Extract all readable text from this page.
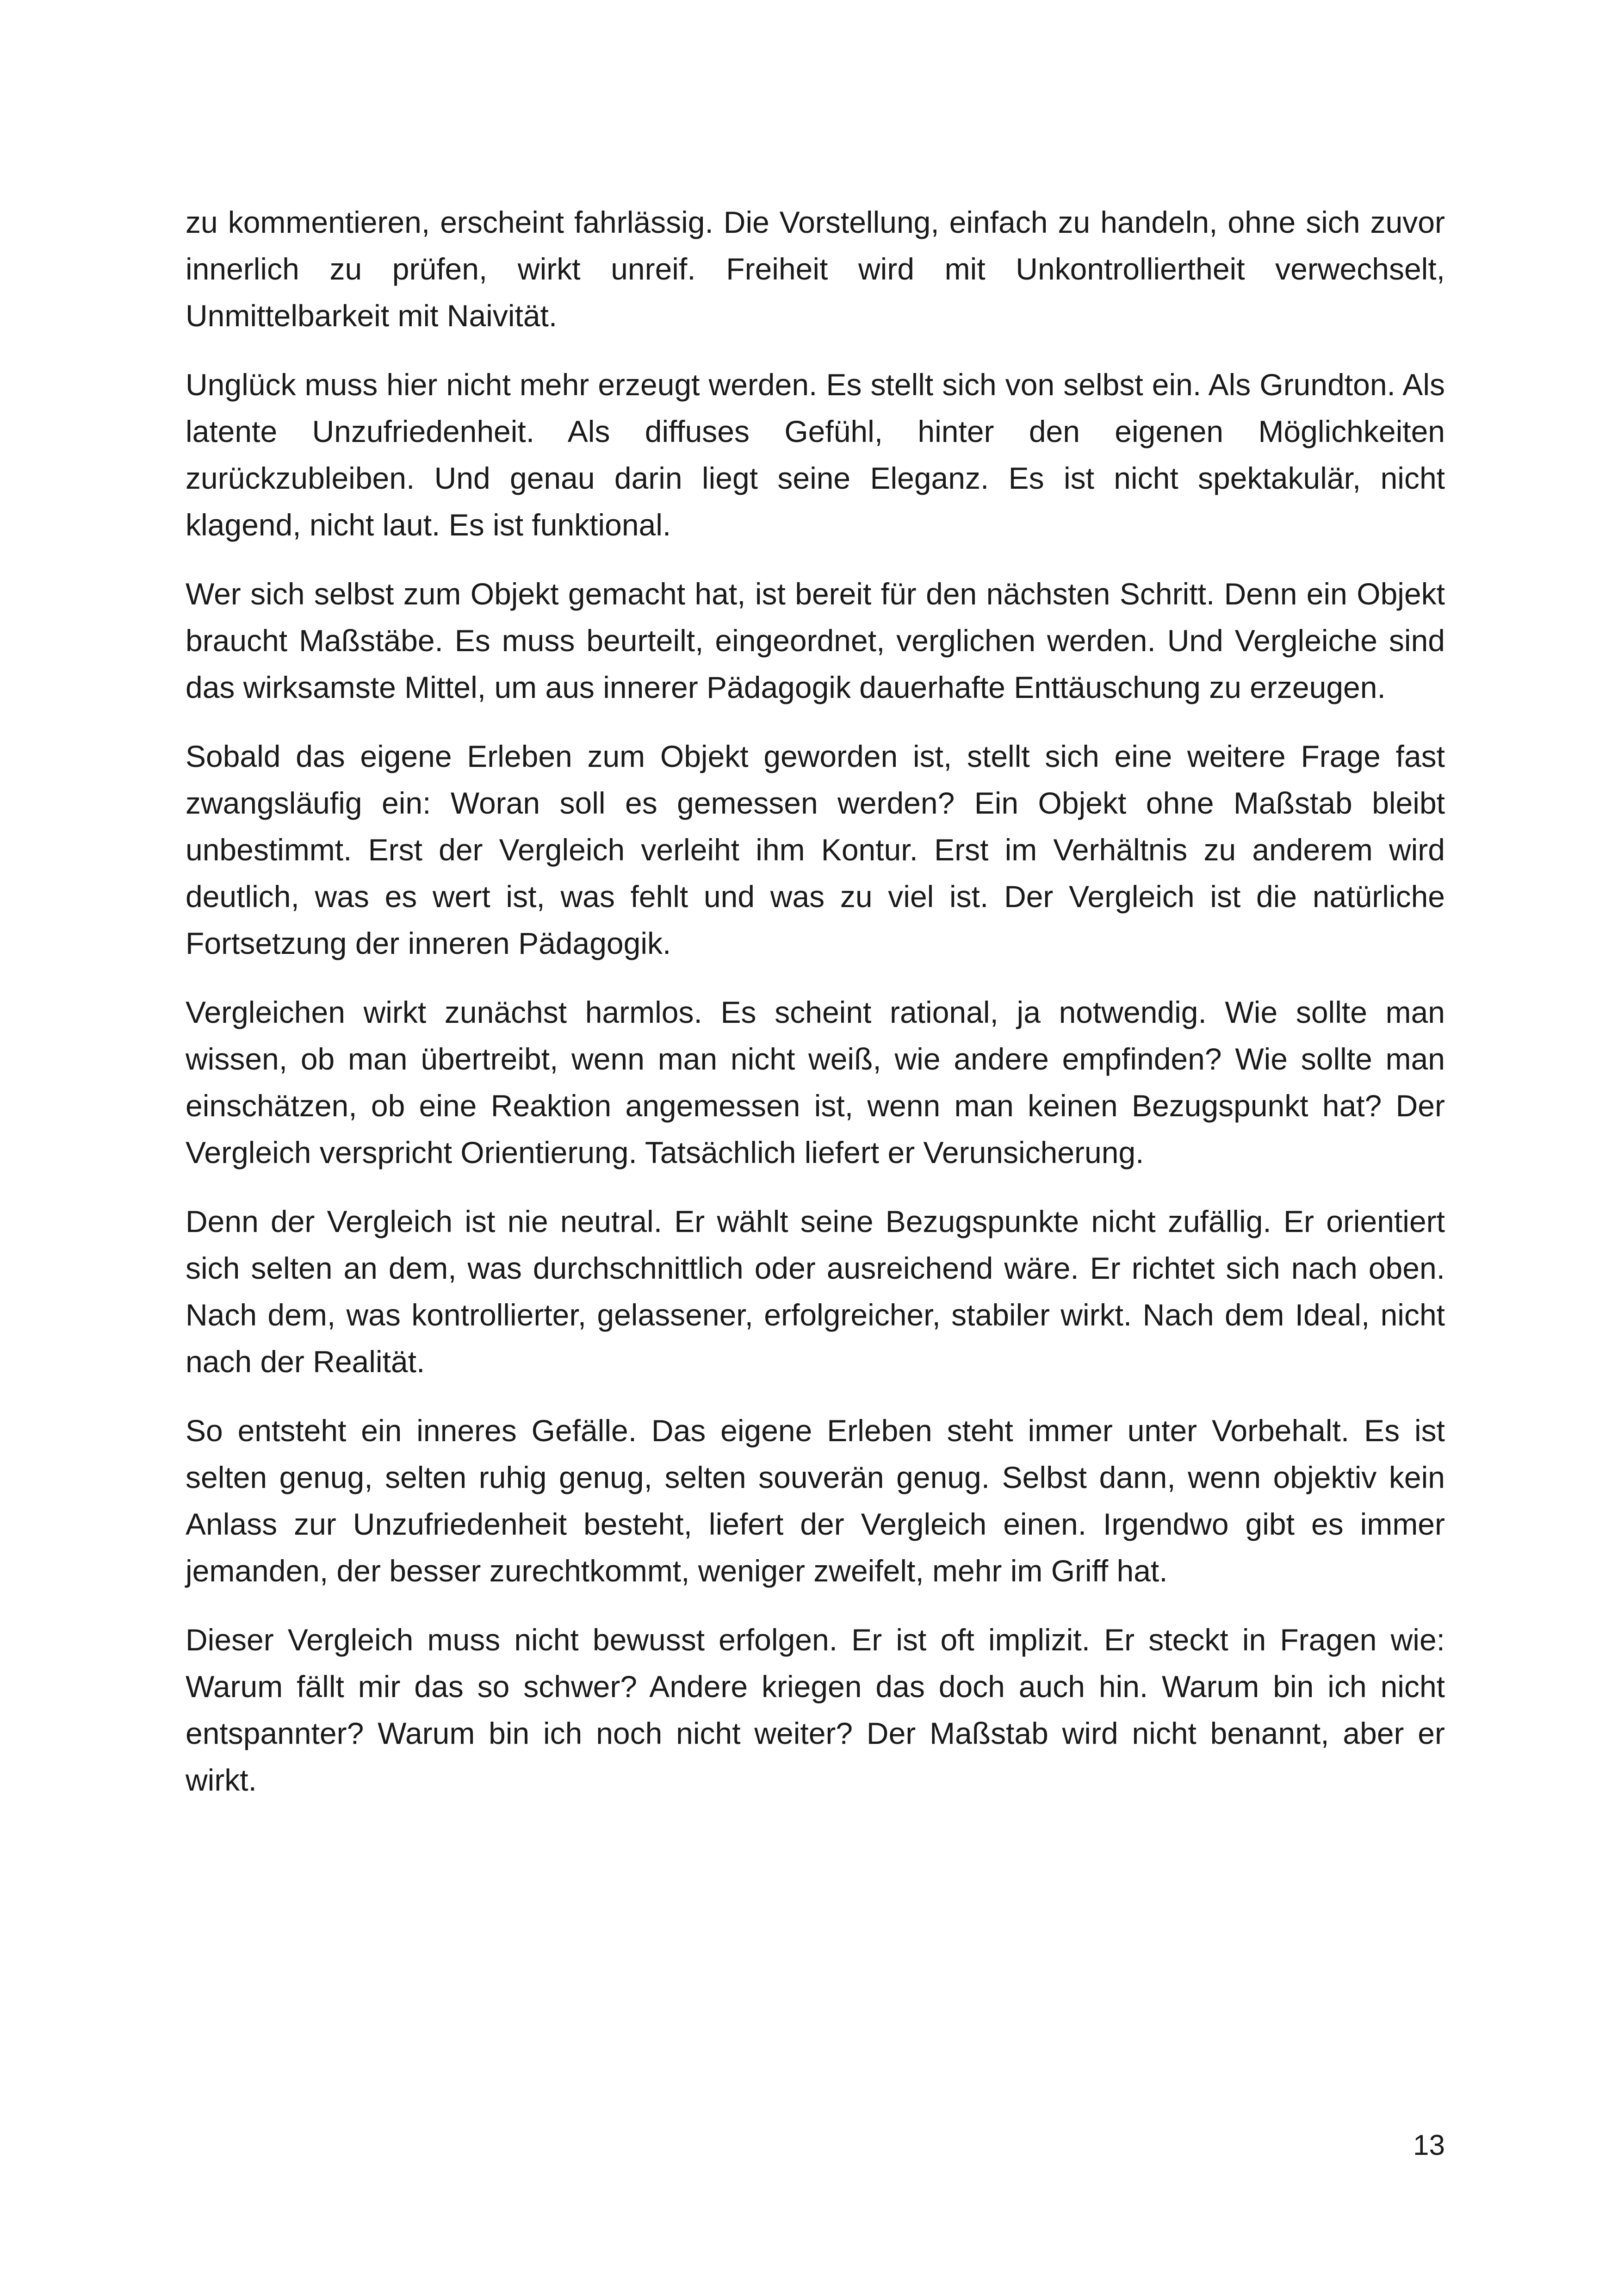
zu kommentieren, erscheint fahrlässig. Die Vorstellung, einfach zu handeln, ohne sich zuvor innerlich zu prüfen, wirkt unreif. Freiheit wird mit Unkontrolliertheit verwechselt, Unmittelbarkeit mit Naivität.

Unglück muss hier nicht mehr erzeugt werden. Es stellt sich von selbst ein. Als Grundton. Als latente Unzufriedenheit. Als diffuses Gefühl, hinter den eigenen Möglichkeiten zurückzubleiben. Und genau darin liegt seine Eleganz. Es ist nicht spektakulär, nicht klagend, nicht laut. Es ist funktional.

Wer sich selbst zum Objekt gemacht hat, ist bereit für den nächsten Schritt. Denn ein Objekt braucht Maßstäbe. Es muss beurteilt, eingeordnet, verglichen werden. Und Vergleiche sind das wirksamste Mittel, um aus innerer Pädagogik dauerhafte Enttäuschung zu erzeugen.

Sobald das eigene Erleben zum Objekt geworden ist, stellt sich eine weitere Frage fast zwangsläufig ein: Woran soll es gemessen werden? Ein Objekt ohne Maßstab bleibt unbestimmt. Erst der Vergleich verleiht ihm Kontur. Erst im Verhältnis zu anderem wird deutlich, was es wert ist, was fehlt und was zu viel ist. Der Vergleich ist die natürliche Fortsetzung der inneren Pädagogik.

Vergleichen wirkt zunächst harmlos. Es scheint rational, ja notwendig. Wie sollte man wissen, ob man übertreibt, wenn man nicht weiß, wie andere empfinden? Wie sollte man einschätzen, ob eine Reaktion angemessen ist, wenn man keinen Bezugspunkt hat? Der Vergleich verspricht Orientierung. Tatsächlich liefert er Verunsicherung.

Denn der Vergleich ist nie neutral. Er wählt seine Bezugspunkte nicht zufällig. Er orientiert sich selten an dem, was durchschnittlich oder ausreichend wäre. Er richtet sich nach oben. Nach dem, was kontrollierter, gelassener, erfolgreicher, stabiler wirkt. Nach dem Ideal, nicht nach der Realität.

So entsteht ein inneres Gefälle. Das eigene Erleben steht immer unter Vorbehalt. Es ist selten genug, selten ruhig genug, selten souverän genug. Selbst dann, wenn objektiv kein Anlass zur Unzufriedenheit besteht, liefert der Vergleich einen. Irgendwo gibt es immer jemanden, der besser zurechtkommt, weniger zweifelt, mehr im Griff hat.

Dieser Vergleich muss nicht bewusst erfolgen. Er ist oft implizit. Er steckt in Fragen wie: Warum fällt mir das so schwer? Andere kriegen das doch auch hin. Warum bin ich nicht entspannter? Warum bin ich noch nicht weiter? Der Maßstab wird nicht benannt, aber er wirkt.

13
